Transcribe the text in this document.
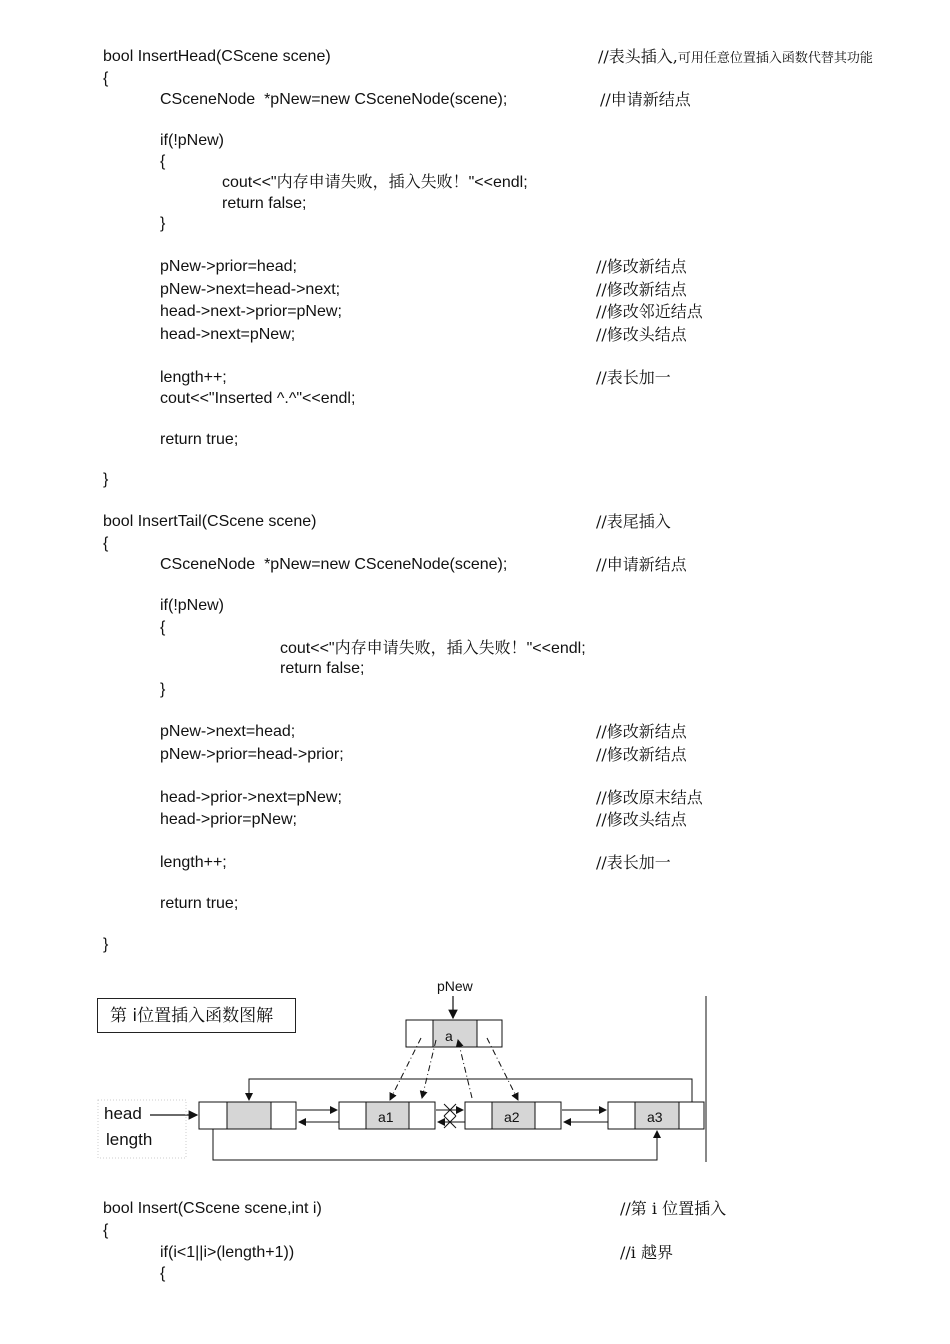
bool InsertHead(CScene scene)	//表头插入,可用任意位置插入函数代替其功能
{
CSceneNode  *pNew=new CSceneNode(scene);	//申请新结点
if(!pNew)
{
cout<<"内存申请失败，插入失败！"<<endl;
return false;
}
pNew->prior=head;	//修改新结点
pNew->next=head->next;	//修改新结点
head->next->prior=pNew;	//修改邻近结点
head->next=pNew;	//修改头结点
length++;	//表长加一
cout<<"Inserted ^.^"<<endl;
return true;
}
bool InsertTail(CScene scene)	//表尾插入
{
CSceneNode  *pNew=new CSceneNode(scene);	//申请新结点
if(!pNew)
{
cout<<"内存申请失败，插入失败！"<<endl;
return false;
}
pNew->next=head;	//修改新结点
pNew->prior=head->prior;	//修改新结点
head->prior->next=pNew;	//修改原末结点
head->prior=pNew;	//修改头结点
length++;	//表长加一
return true;
}
第 i位置插入函数图解
pNew
a
head
length
a1	a2	a3
bool Insert(CScene scene,int i)	//第 i 位置插入
{
if(i<1||i>(length+1))	//i 越界
{
